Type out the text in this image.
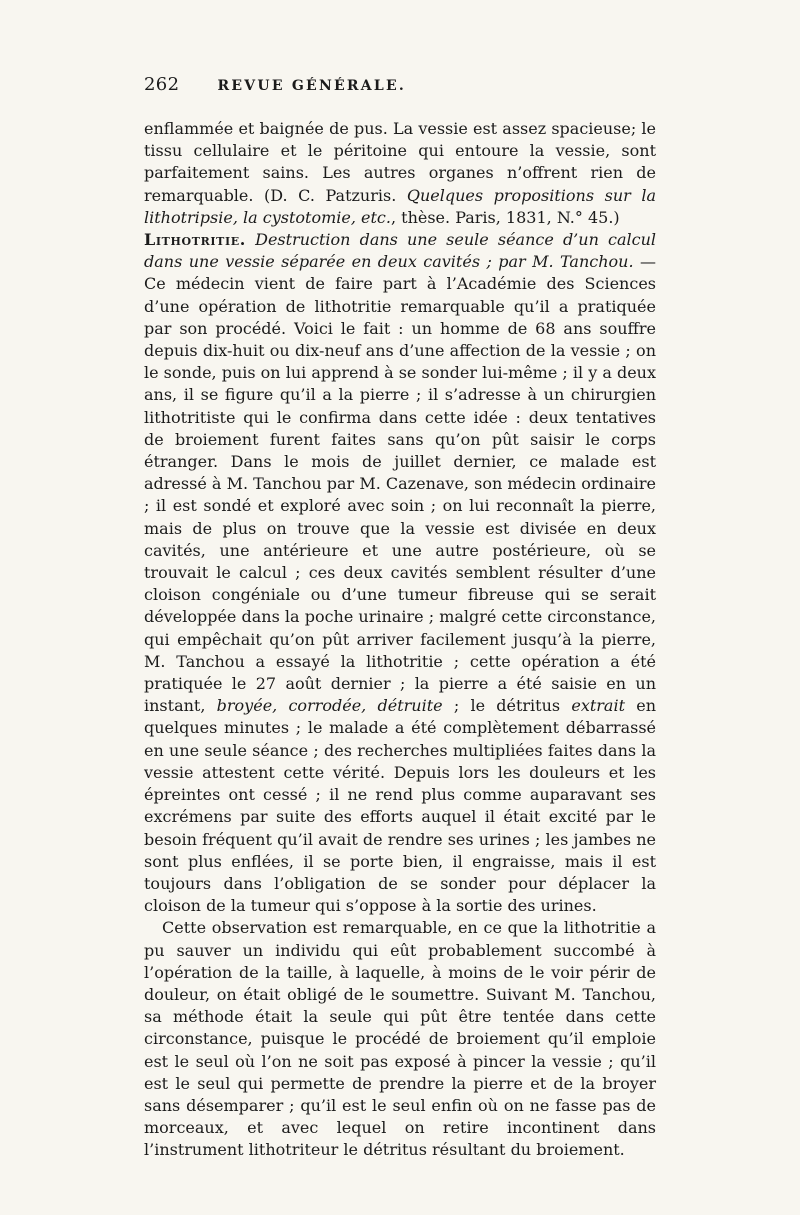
262	REVUE GÉNÉRALE.

enflammée et baignée de pus. La vessie est assez spacieuse; le tissu cellulaire et le péritoine qui entoure la vessie, sont parfaitement sains. Les autres organes n’offrent rien de remarquable. (D. C. Patzuris. Quelques propositions sur la lithotripsie, la cystotomie, etc., thèse. Paris, 1831, N.° 45.)

Lithotritie. Destruction dans une seule séance d’un calcul dans une vessie séparée en deux cavités ; par M. Tanchou. — Ce médecin vient de faire part à l’Académie des Sciences d’une opération de lithotritie remarquable qu’il a pratiquée par son procédé. Voici le fait : un homme de 68 ans souffre depuis dix-huit ou dix-neuf ans d’une affection de la vessie ; on le sonde, puis on lui apprend à se sonder lui-même ; il y a deux ans, il se figure qu’il a la pierre ; il s’adresse à un chirurgien lithotritiste qui le confirma dans cette idée : deux tentatives de broiement furent faites sans qu’on pût saisir le corps étranger. Dans le mois de juillet dernier, ce malade est adressé à M. Tanchou par M. Cazenave, son médecin ordinaire ; il est sondé et exploré avec soin ; on lui reconnaît la pierre, mais de plus on trouve que la vessie est divisée en deux cavités, une antérieure et une autre postérieure, où se trouvait le calcul ; ces deux cavités semblent résulter d’une cloison congéniale ou d’une tumeur fibreuse qui se serait développée dans la poche urinaire ; malgré cette circonstance, qui empêchait qu’on pût arriver facilement jusqu’à la pierre, M. Tanchou a essayé la lithotritie ; cette opération a été pratiquée le 27 août dernier ; la pierre a été saisie en un instant, broyée, corrodée, détruite ; le détritus extrait en quelques minutes ; le malade a été complètement débarrassé en une seule séance ; des recherches multipliées faites dans la vessie attestent cette vérité. Depuis lors les douleurs et les épreintes ont cessé ; il ne rend plus comme auparavant ses excrémens par suite des efforts auquel il était excité par le besoin fréquent qu’il avait de rendre ses urines ; les jambes ne sont plus enflées, il se porte bien, il engraisse, mais il est toujours dans l’obligation de se sonder pour déplacer la cloison de la tumeur qui s’oppose à la sortie des urines.

Cette observation est remarquable, en ce que la lithotritie a pu sauver un individu qui eût probablement succombé à l’opération de la taille, à laquelle, à moins de le voir périr de douleur, on était obligé de le soumettre. Suivant M. Tanchou, sa méthode était la seule qui pût être tentée dans cette circonstance, puisque le procédé de broiement qu’il emploie est le seul où l’on ne soit pas exposé à pincer la vessie ; qu’il est le seul qui permette de prendre la pierre et de la broyer sans désemparer ; qu’il est le seul enfin où on ne fasse pas de morceaux, et avec lequel on retire incontinent dans l’instrument lithotriteur le détritus résultant du broiement.
